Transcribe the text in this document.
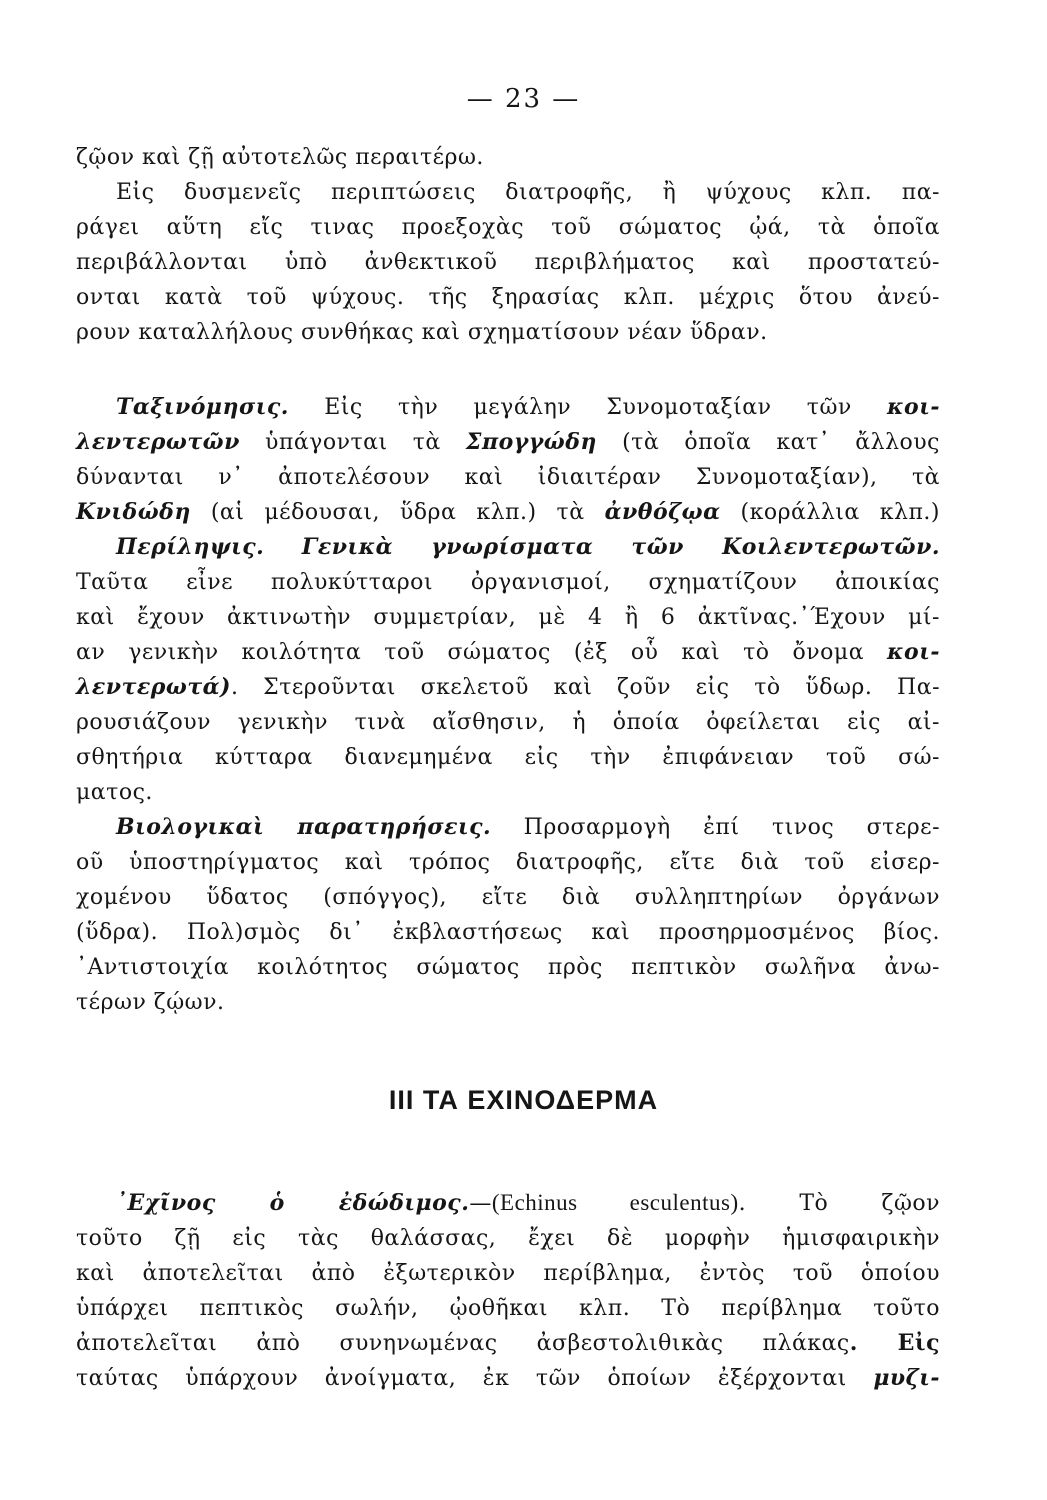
— 23 —
ζῷον καὶ ζῇ αὐτοτελῶς περαιτέρω.
Εἰς δυσμενεῖς περιπτώσεις διατροφῆς, ἢ ψύχους κλπ. πα-
ράγει αὕτη εἴς τινας προεξοχὰς τοῦ σώματος ᾠά, τὰ ὁποῖα
περιβάλλονται ὑπὸ ἀνθεκτικοῦ περιβλήματος καὶ προστατεύ-
ονται κατὰ τοῦ ψύχους. τῆς ξηρασίας κλπ. μέχρις ὅτου ἀνεύ-
ρουν καταλλήλους συνθήκας καὶ σχηματίσουν νέαν ὕδραν.
Ταξινόμησις. Εἰς τὴν μεγάλην Συνομοταξίαν τῶν κοι-
λεντερωτῶν ὑπάγονται τὰ Σπογγώδη (τὰ ὁποῖα κατ᾿ ἄλλους
δύνανται ν᾿ ἀποτελέσουν καὶ ἰδιαιτέραν Συνομοταξίαν), τὰ
Κνιδώδη (αἱ μέδουσαι, ὕδρα κλπ.) τὰ ἀνθόζῳα (κοράλλια κλπ.)
Περίληψις. Γενικὰ γνωρίσματα τῶν Κοιλεντερωτῶν.
Ταῦτα εἶνε πολυκύτταροι ὀργανισμοί, σχηματίζουν ἀποικίας
καὶ ἔχουν ἀκτινωτὴν συμμετρίαν, μὲ 4 ἢ 6 ἀκτῖνας.᾿Έχουν μί-
αν γενικὴν κοιλότητα τοῦ σώματος (ἐξ οὗ καὶ τὸ ὄνομα κοι-
λεντερωτά). Στεροῦνται σκελετοῦ καὶ ζοῦν εἰς τὸ ὕδωρ. Πα-
ρουσιάζουν γενικὴν τινὰ αἴσθησιν, ἡ ὁποία ὀφείλεται εἰς αἰ-
σθητήρια κύτταρα διανεμημένα εἰς τὴν ἐπιφάνειαν τοῦ σώ-
ματος.
Βιολογικαὶ παρατηρήσεις. Προσαρμογὴ ἐπί τινος στερε-
οῦ ὑποστηρίγματος καὶ τρόπος διατροφῆς, εἴτε διὰ τοῦ εἰσερ-
χομένου ὕδατος (σπόγγος), εἴτε διὰ συλληπτηρίων ὀργάνων
(ὕδρα). Πολ)σμὸς δι᾿ ἐκβλαστήσεως καὶ προσηρμοσμένος βίος.
᾿Αντιστοιχία κοιλότητος σώματος πρὸς πεπτικὸν σωλῆνα ἀνω-
τέρων ζῴων.
III ΤΑ ΕΧΙΝΟΔΕΡΜΑ
᾿Εχῖνος ὁ ἐδώδιμος.—(Echinus esculentus). Τὸ ζῷον
τοῦτο ζῇ εἰς τὰς θαλάσσας, ἔχει δὲ μορφὴν ἡμισφαιρικὴν
καὶ ἀποτελεῖται ἀπὸ ἐξωτερικὸν περίβλημα, ἐντὸς τοῦ ὁποίου
ὑπάρχει πεπτικὸς σωλήν, ᾠοθῆκαι κλπ. Τὸ περίβλημα τοῦτο
ἀποτελεῖται ἀπὸ συνηνωμένας ἀσβεστολιθικὰς πλάκας. Εἰς
ταύτας ὑπάρχουν ἀνοίγματα, ἐκ τῶν ὁποίων ἐξέρχονται μυζι-
